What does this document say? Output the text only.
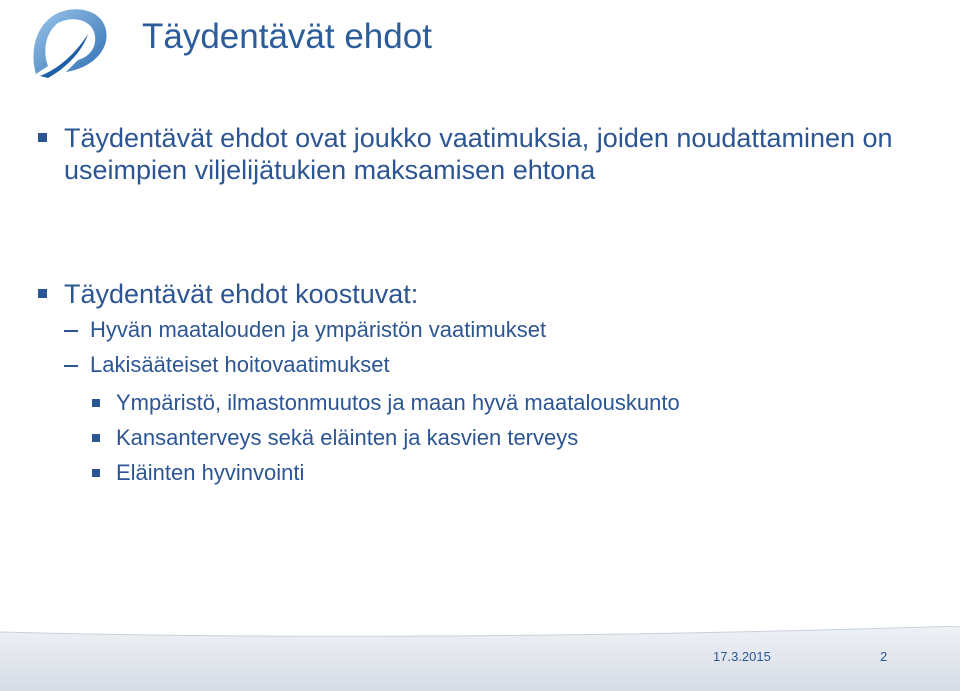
Täydentävät ehdot
Täydentävät ehdot ovat joukko vaatimuksia, joiden noudattaminen on useimpien viljelijätukien maksamisen ehtona
Täydentävät ehdot koostuvat:
Hyvän maatalouden ja ympäristön vaatimukset
Lakisääteiset hoitovaatimukset
Ympäristö, ilmastonmuutos ja maan hyvä maatalouskunto
Kansanterveys sekä eläinten ja kasvien terveys
Eläinten hyvinvointi
17.3.2015	2
